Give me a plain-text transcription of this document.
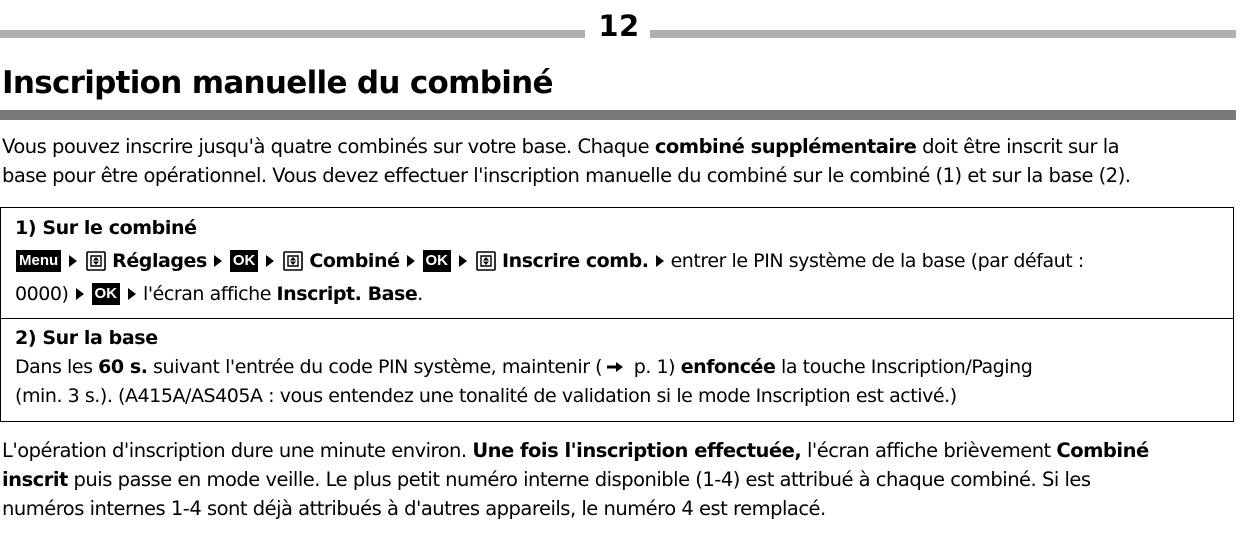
12
Inscription manuelle du combiné

Vous pouvez inscrire jusqu'à quatre combinés sur votre base. Chaque combiné supplémentaire doit être inscrit sur la
base pour être opérationnel. Vous devez effectuer l'inscription manuelle du combiné sur le combiné (1) et sur la base (2).

1) Sur le combiné
Menu	Réglages OK	Combiné OK	Inscrire comb. entrer le PIN système de la base (par défaut :
0000) OK l'écran affiche Inscript. Base .
2) Sur la base
Dans les 60 s. suivant l'entrée du code PIN système, maintenir ( p. 1) enfoncée la touche Inscription/Paging
(min. 3 s.). (A415A/AS405A : vous entendez une tonalité de validation si le mode Inscription est activé.)

L'opération d'inscription dure une minute environ. Une fois l'inscription effectuée, l'écran affiche brièvement Combiné
inscrit puis passe en mode veille. Le plus petit numéro interne disponible (1-4) est attribué à chaque combiné. Si les
numéros internes 1-4 sont déjà attribués à d'autres appareils, le numéro 4 est remplacé.
